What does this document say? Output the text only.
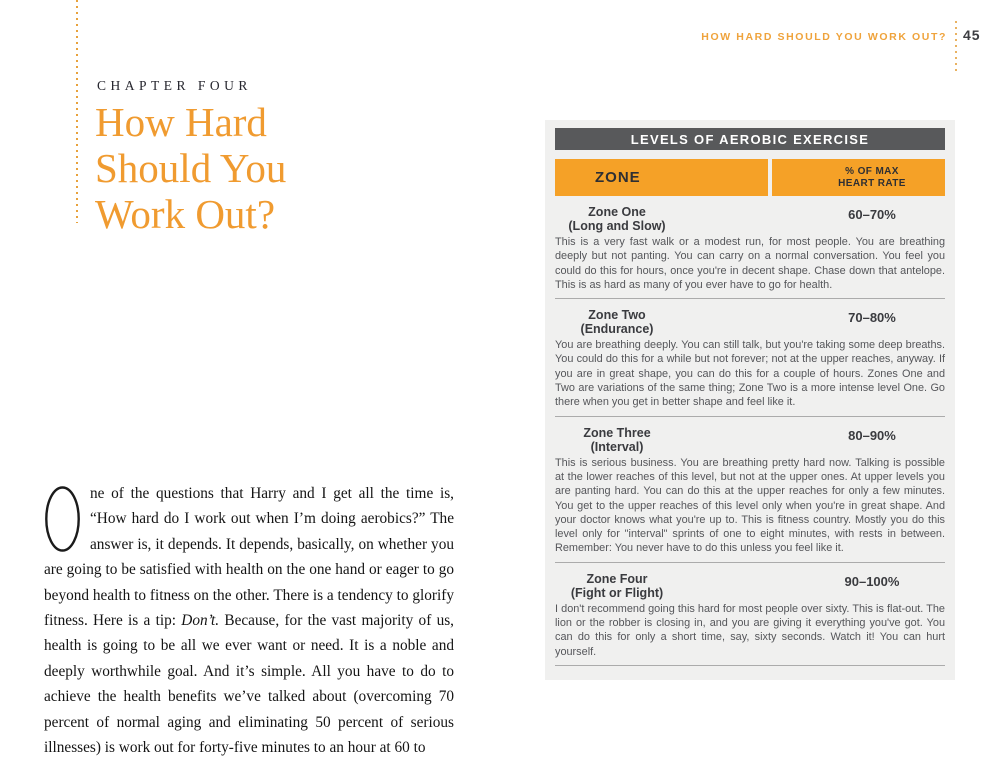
HOW HARD SHOULD YOU WORK OUT? 45
CHAPTER FOUR
How Hard
Should You
Work Out?
ne of the questions that Harry and I get all the time is, “How hard do I work out when I’m doing aerobics?” The answer is, it depends. It depends, basically, on whether you are going to be satisfied with health on the one hand or eager to go beyond health to fitness on the other. There is a tendency to glorify fitness. Here is a tip: Don’t. Because, for the vast majority of us, health is going to be all we ever want or need. It is a noble and deeply worthwhile goal. And it’s simple. All you have to do to achieve the health benefits we’ve talked about (overcoming 70 percent of normal aging and eliminating 50 percent of serious illnesses) is work out for forty-five minutes to an hour at 60 to
LEVELS OF AEROBIC EXERCISE
ZONE	% OF MAX
HEART RATE
Zone One
(Long and Slow)
60–70%
This is a very fast walk or a modest run, for most people. You are breathing deeply but not panting. You can carry on a normal conversation. You feel you could do this for hours, once you're in decent shape. Chase down that antelope. This is as hard as many of you ever have to go for health.
Zone Two
(Endurance)
70–80%
You are breathing deeply. You can still talk, but you're taking some deep breaths. You could do this for a while but not forever; not at the upper reaches, anyway. If you are in great shape, you can do this for a couple of hours. Zones One and Two are variations of the same thing; Zone Two is a more intense level One. Go there when you get in better shape and feel like it.
Zone Three
(Interval)
80–90%
This is serious business. You are breathing pretty hard now. Talking is possible at the lower reaches of this level, but not at the upper ones. At upper levels you are panting hard. You can do this at the upper reaches for only a few minutes. You get to the upper reaches of this level only when you're in great shape. And your doctor knows what you're up to. This is fitness country. Mostly you do this level only for "interval" sprints of one to eight minutes, with rests in between. Remember: You never have to do this unless you feel like it.
Zone Four
(Fight or Flight)
90–100%
I don't recommend going this hard for most people over sixty. This is flat-out. The lion or the robber is closing in, and you are giving it everything you've got. You can do this for only a short time, say, sixty seconds. Watch it! You can hurt yourself.
